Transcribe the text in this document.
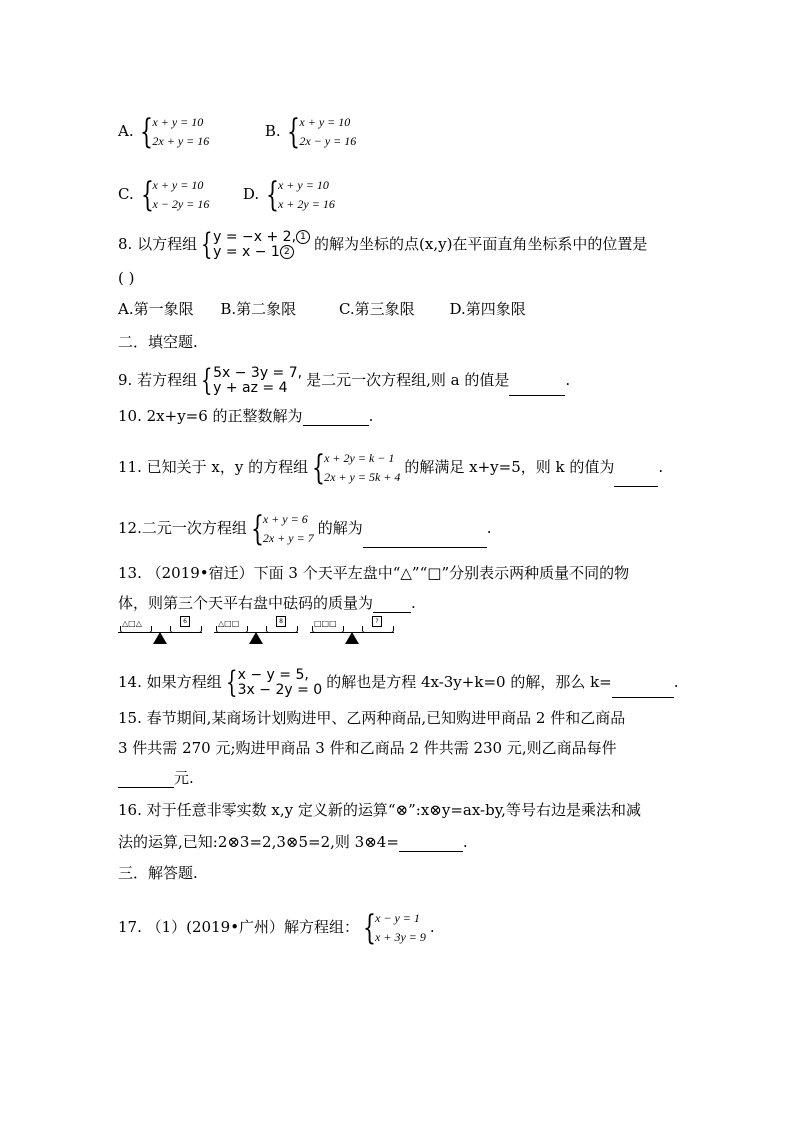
A. { x + y = 10
2x + y = 16
B. { x + y = 10
2x − y = 16
C. { x + y = 10
x − 2y = 16
D. { x + y = 10
x + 2y = 16
8. 以方程组 { y = −x + 2, 1
y = x − 1 2	的解为坐标的点(x,y)在平面直角坐标系中的位置是
( )
A.第一象限 B.第二象限	C.第三象限 D.第四象限
二．填空题.
9. 若方程组 { 5x − 3y = 7,
y + az = 4	是二元一次方程组,则 a 的值是	.
10. 2x+y=6 的正整数解为	.
11. 已知关于 x，y 的方程组 { x + 2y = k − 1
2x + y = 5k + 4
的解满足 x+y=5，则 k 的值为	.
12.二元一次方程组 { x + y = 6
2x + y = 7
的解为	.
13. （2019•宿迁）下面 3 个天平左盘中“△”“□”分别表示两种质量不同的物
体，则第三个天平右盘中砝码的质量为	.
△□△	6	△□□	8	□□□	?
14. 如果方程组 { x − y = 5,
3x − 2y = 0 的解也是方程 4x-3y+k=0 的解，那么 k=	.
15. 春节期间,某商场计划购进甲、乙两种商品,已知购进甲商品 2 件和乙商品
3 件共需 270 元;购进甲商品 3 件和乙商品 2 件共需 230 元,则乙商品每件
元.
16. 对于任意非零实数 x,y 定义新的运算“⊗”:x⊗y=ax-by,等号右边是乘法和减
法的运算,已知:2⊗3=2,3⊗5=2,则 3⊗4=	.
三．解答题.
17. （1）(2019•广州）解方程组： { x − y = 1
x + 3y = 9
.
